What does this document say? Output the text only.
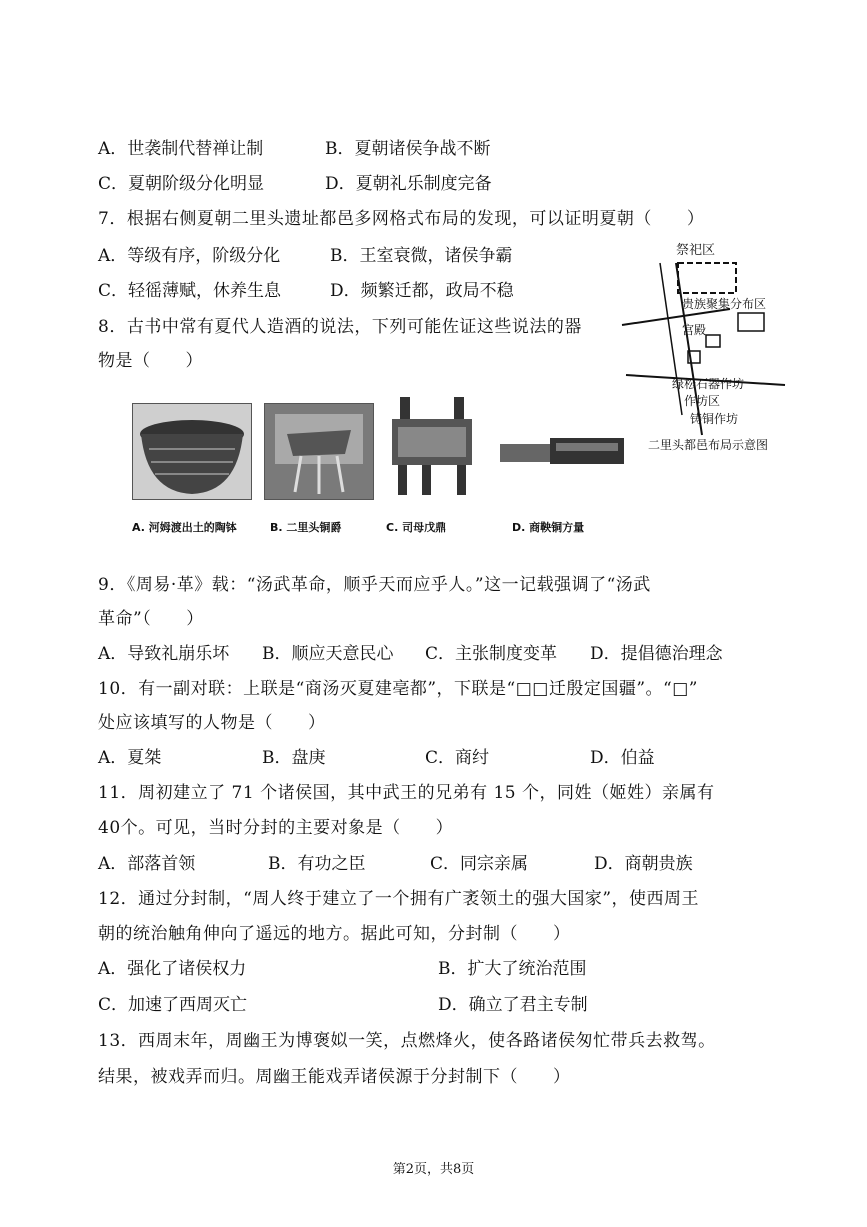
A．世袭制代替禅让制	B．夏朝诸侯争战不断
C．夏朝阶级分化明显	D．夏朝礼乐制度完备
7．根据右侧夏朝二里头遗址都邑多网格式布局的发现，可以证明夏朝（　　）
A．等级有序，阶级分化	B．王室衰微，诸侯争霸
C．轻徭薄赋，休养生息	D．频繁迁都，政局不稳
祭祀区
贵族聚集分布区
宫殿
绿松石器作坊
作坊区
铸铜作坊
二里头都邑布局示意图
8．古书中常有夏代人造酒的说法，下列可能佐证这些说法的器
物是（　　）
A. 河姆渡出土的陶钵	B. 二里头铜爵	C. 司母戊鼎	D. 商鞅铜方量
9．《周易·革》载：“汤武革命，顺乎天而应乎人。”这一记载强调了“汤武
革命”（　　）
A．导致礼崩乐坏 B．顺应天意民心 C．主张制度变革 D．提倡德治理念
10．有一副对联：上联是“商汤灭夏建亳都”，下联是“□□迁殷定国疆”。“□”
处应该填写的人物是（　　）
A．夏桀	B．盘庚	C．商纣	D．伯益
11．周初建立了 71 个诸侯国，其中武王的兄弟有 15 个，同姓（姬姓）亲属有
40个。可见，当时分封的主要对象是（　　）
A．部落首领	B．有功之臣	C．同宗亲属	D．商朝贵族
12．通过分封制，“周人终于建立了一个拥有广袤领土的强大国家”，使西周王
朝的统治触角伸向了遥远的地方。据此可知，分封制（　　）
A．强化了诸侯权力	B．扩大了统治范围
C．加速了西周灭亡	D．确立了君主专制
13．西周末年，周幽王为博褒姒一笑，点燃烽火，使各路诸侯匆忙带兵去救驾。
结果，被戏弄而归。周幽王能戏弄诸侯源于分封制下（　　）
第2页，共8页
